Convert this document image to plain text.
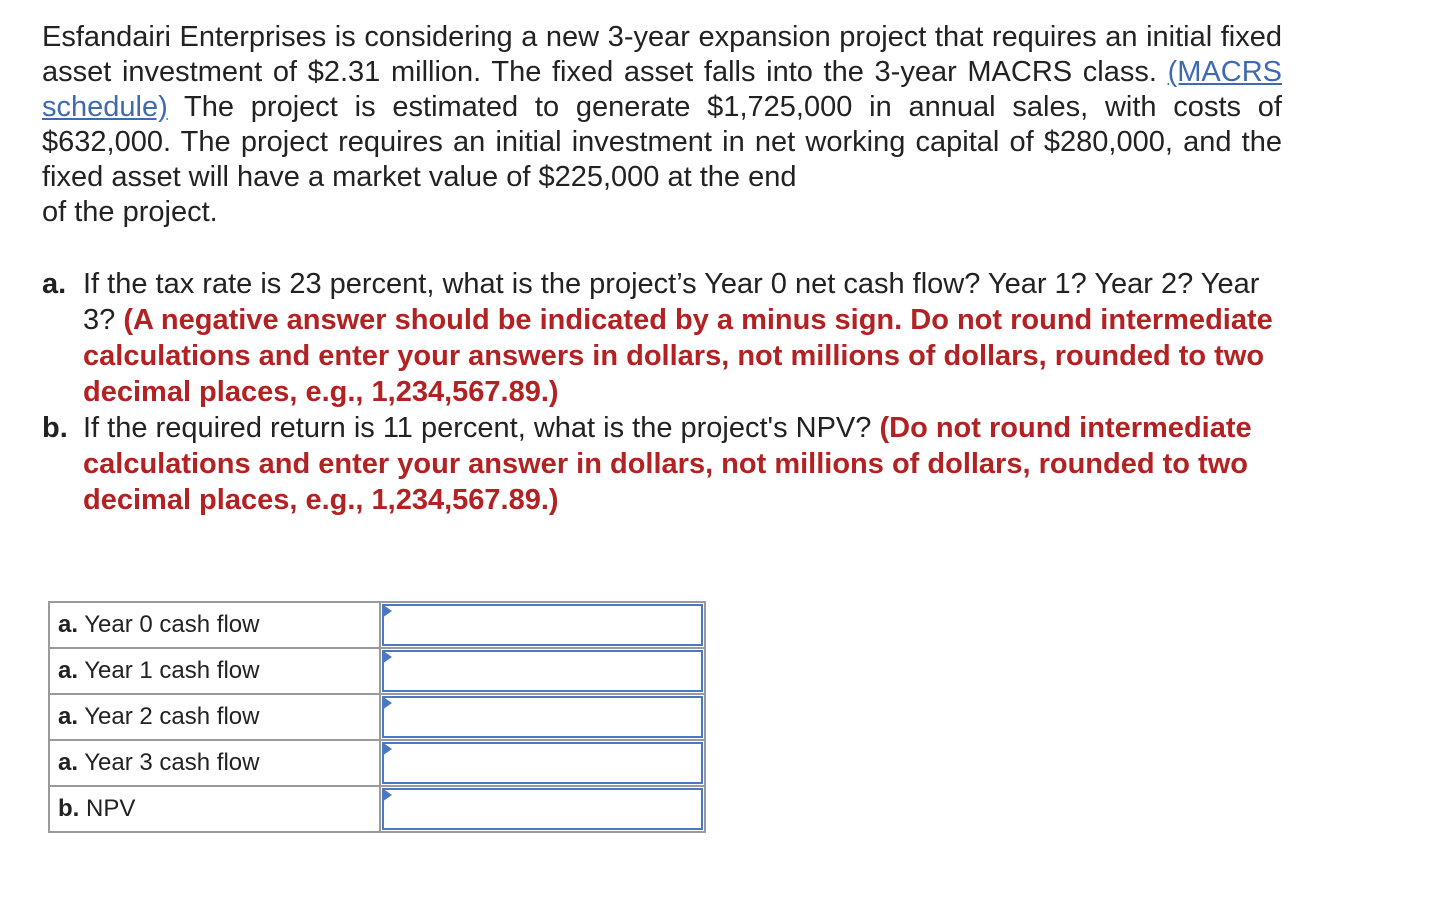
Esfandairi Enterprises is considering a new 3-year expansion project that requires an initial fixed asset investment of $2.31 million. The fixed asset falls into the 3-year MACRS class. (MACRS schedule) The project is estimated to generate $1,725,000 in annual sales, with costs of $632,000. The project requires an initial investment in net working capital of $280,000, and the fixed asset will have a market value of $225,000 at the end

of the project.

a. If the tax rate is 23 percent, what is the project’s Year 0 net cash flow? Year 1? Year 2? Year 3? (A negative answer should be indicated by a minus sign. Do not round intermediate calculations and enter your answers in dollars, not millions of dollars, rounded to two decimal places, e.g., 1,234,567.89.)
b. If the required return is 11 percent, what is the project's NPV? (Do not round intermediate calculations and enter your answer in dollars, not millions of dollars, rounded to two decimal places, e.g., 1,234,567.89.)
a. Year 0 cash flow	

a. Year 1 cash flow	

a. Year 2 cash flow	

a. Year 3 cash flow	

b. NPV	
